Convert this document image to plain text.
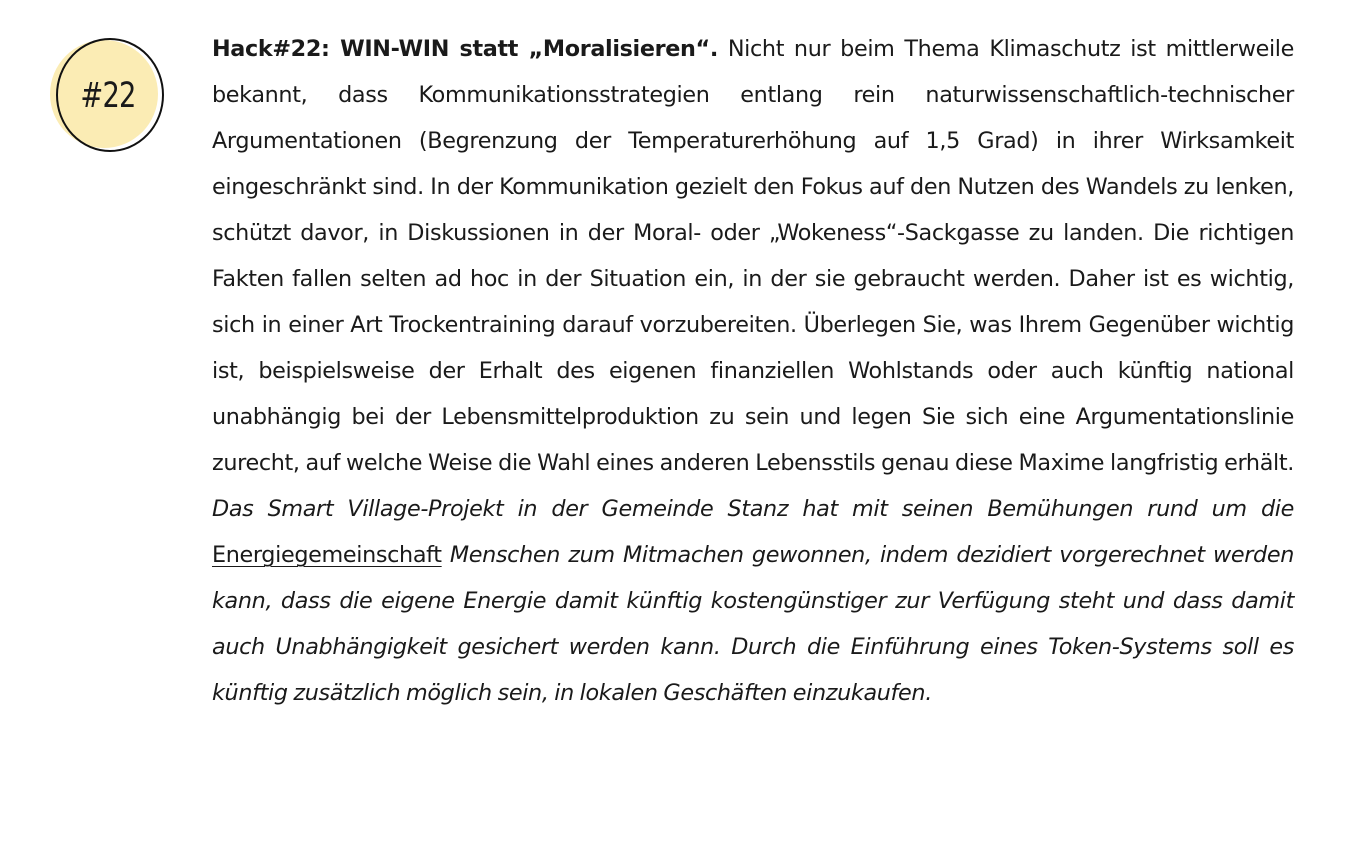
#22

Hack#22: WIN-WIN statt „Moralisieren“. Nicht nur beim Thema Klimaschutz ist mittlerweile bekannt, dass Kommunikationsstrategien entlang rein naturwissenschaftlich-technischer Argumentationen (Begrenzung der Temperaturerhöhung auf 1,5 Grad) in ihrer Wirksamkeit eingeschränkt sind. In der Kommunikation gezielt den Fokus auf den Nutzen des Wandels zu lenken, schützt davor, in Diskussionen in der Moral- oder „Wokeness“-Sackgasse zu landen. Die richtigen Fakten fallen selten ad hoc in der Situation ein, in der sie gebraucht werden. Daher ist es wichtig, sich in einer Art Trockentraining darauf vorzubereiten. Überlegen Sie, was Ihrem Gegenüber wichtig ist, beispielsweise der Erhalt des eigenen finanziellen Wohlstands oder auch künftig national unabhängig bei der Lebensmittelproduktion zu sein und legen Sie sich eine Argumentationslinie zurecht, auf welche Weise die Wahl eines anderen Lebensstils genau diese Maxime langfristig erhält. Das Smart Village-Projekt in der Gemeinde Stanz hat mit seinen Bemühungen rund um die Energiegemeinschaft Menschen zum Mitmachen gewonnen, indem dezidiert vorgerechnet werden kann, dass die eigene Energie damit künftig kostengünstiger zur Verfügung steht und dass damit auch Unabhängigkeit gesichert werden kann. Durch die Einführung eines Token-Systems soll es künftig zusätzlich möglich sein, in lokalen Geschäften einzukaufen.
